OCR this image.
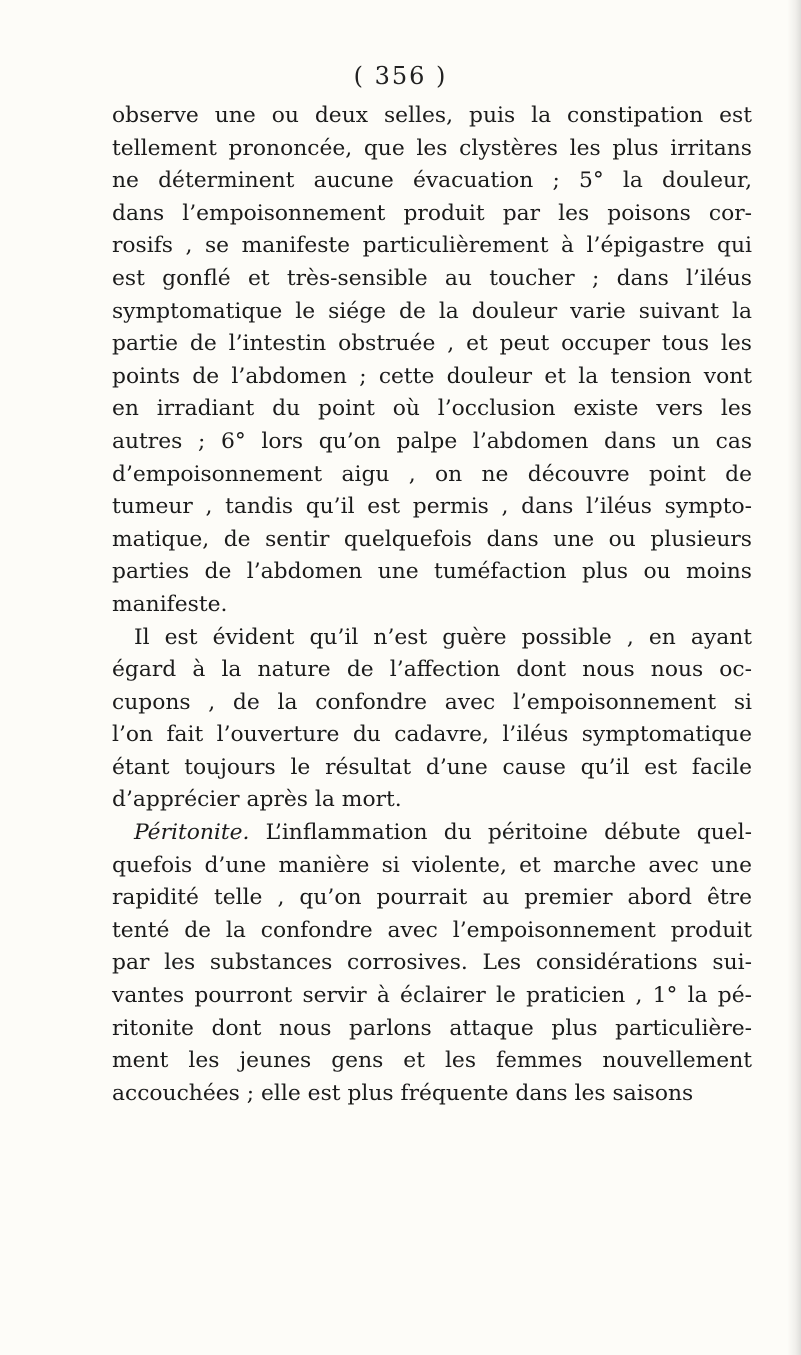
( 356 )
observe une ou deux selles, puis la constipation est
tellement prononcée, que les clystères les plus irritans
ne déterminent aucune évacuation ; 5° la douleur,
dans l’empoisonnement produit par les poisons cor-
rosifs , se manifeste particulièrement à l’épigastre qui
est gonflé et très-sensible au toucher ; dans l’iléus
symptomatique le siége de la douleur varie suivant la
partie de l’intestin obstruée , et peut occuper tous les
points de l’abdomen ; cette douleur et la tension vont
en irradiant du point où l’occlusion existe vers les
autres ; 6° lors qu’on palpe l’abdomen dans un cas
d’empoisonnement aigu , on ne découvre point de
tumeur , tandis qu’il est permis , dans l’iléus sympto-
matique, de sentir quelquefois dans une ou plusieurs
parties de l’abdomen une tuméfaction plus ou moins
manifeste.
Il est évident qu’il n’est guère possible , en ayant
égard à la nature de l’affection dont nous nous oc-
cupons , de la confondre avec l’empoisonnement si
l’on fait l’ouverture du cadavre, l’iléus symptomatique
étant toujours le résultat d’une cause qu’il est facile
d’apprécier après la mort.
Péritonite. L’inflammation du péritoine débute quel-
quefois d’une manière si violente, et marche avec une
rapidité telle , qu’on pourrait au premier abord être
tenté de la confondre avec l’empoisonnement produit
par les substances corrosives. Les considérations sui-
vantes pourront servir à éclairer le praticien , 1° la pé-
ritonite dont nous parlons attaque plus particulière-
ment les jeunes gens et les femmes nouvellement
accouchées ; elle est plus fréquente dans les saisons
